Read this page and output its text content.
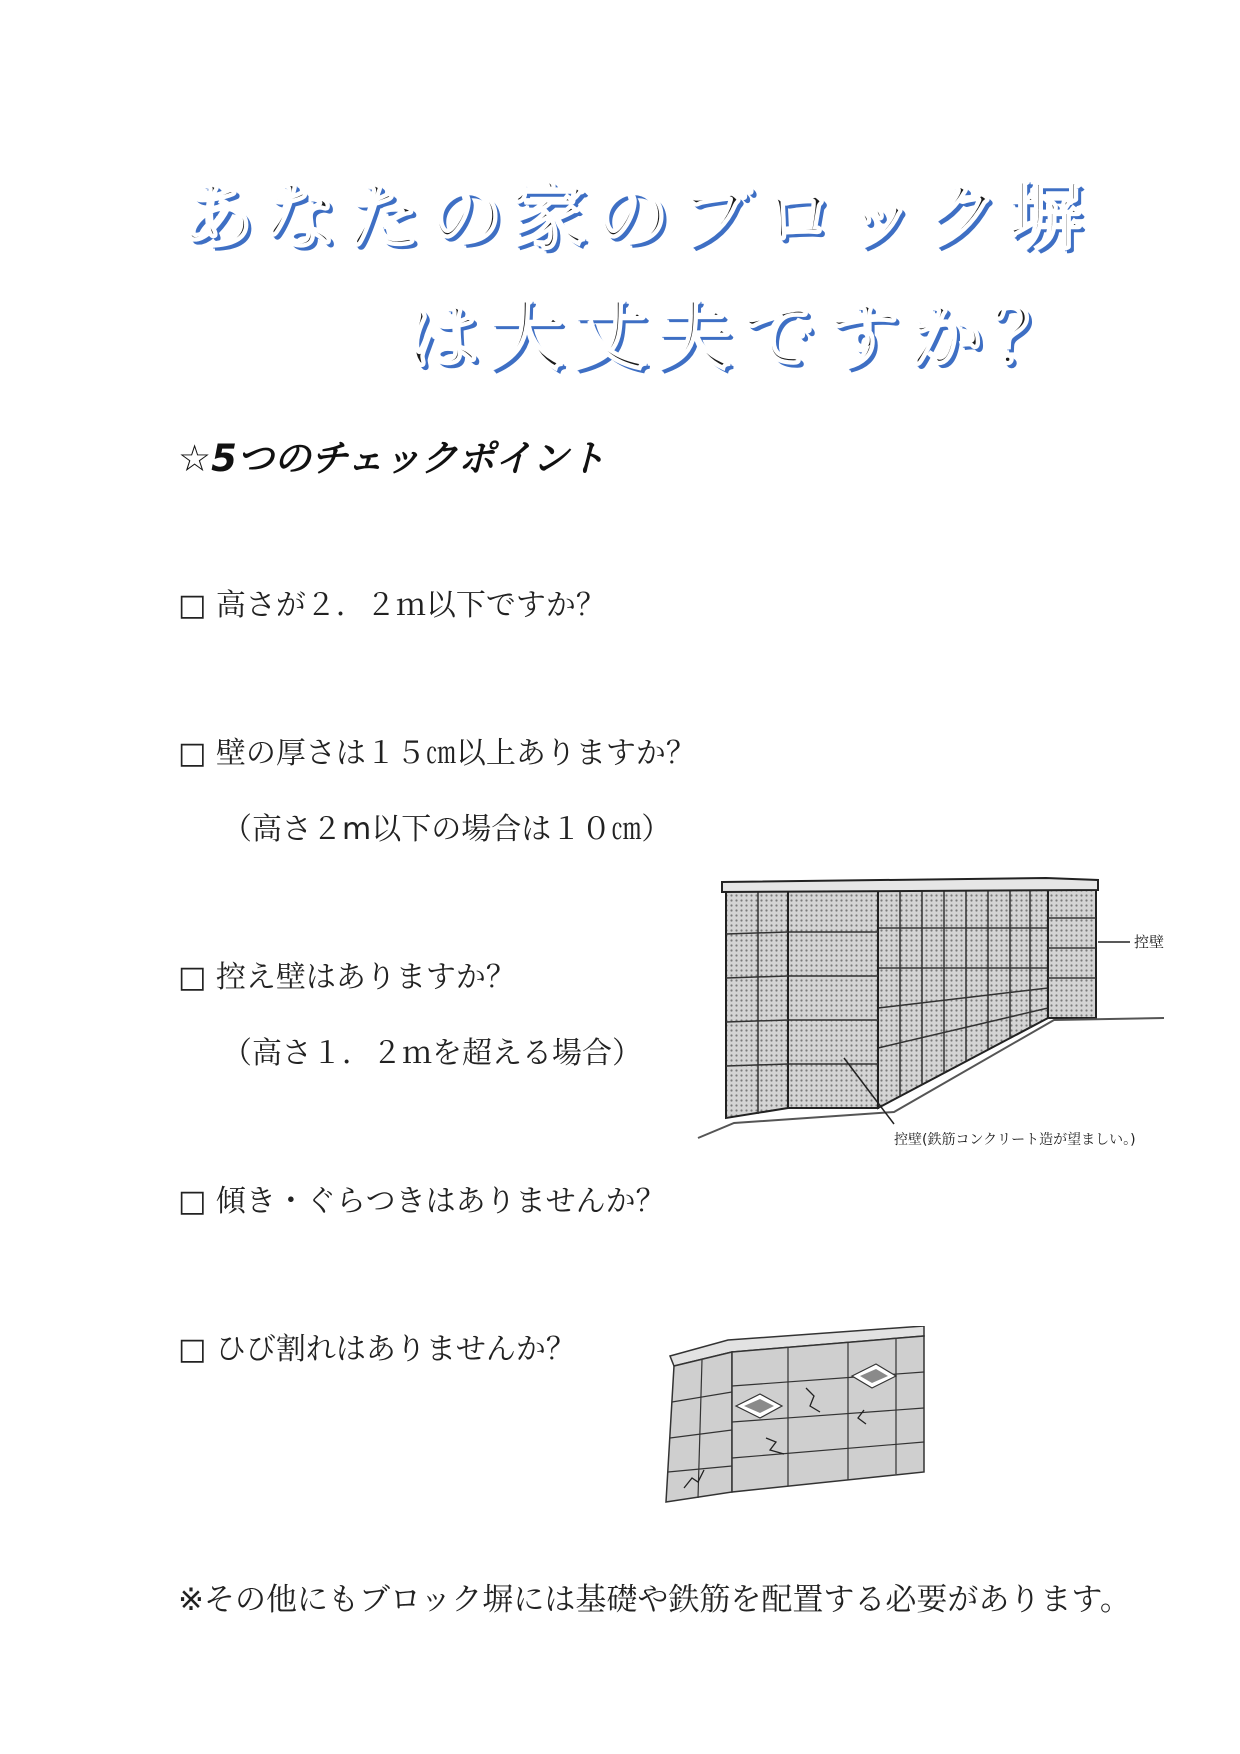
あなたの家のブロック塀
は大丈夫ですか？
☆5つのチェックポイント
□ 高さが２．２ｍ以下ですか？
□ 壁の厚さは１５㎝以上ありますか？
（高さ２m以下の場合は１０㎝）
□ 控え壁はありますか？
（高さ１．２ｍを超える場合）
□ 傾き・ぐらつきはありませんか？
□ ひび割れはありませんか？
控壁
控壁(鉄筋コンクリート造が望ましい。)
※その他にもブロック塀には基礎や鉄筋を配置する必要があります。
